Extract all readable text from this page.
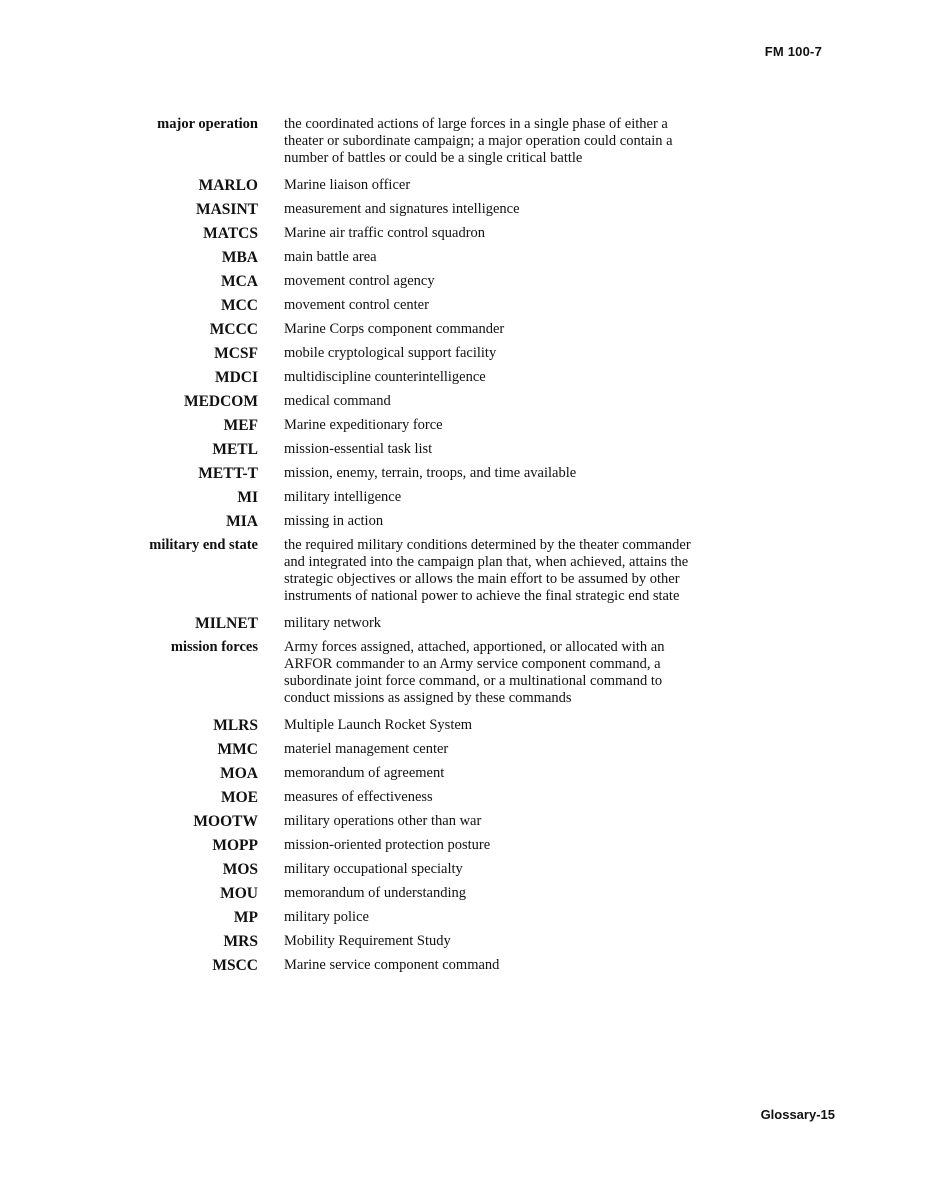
FM 100-7
major operation	the coordinated actions of large forces in a single phase of either a theater or subordinate campaign; a major operation could contain a number of battles or could be a single critical battle
MARLO	Marine liaison officer
MASINT	measurement and signatures intelligence
MATCS	Marine air traffic control squadron
MBA	main battle area
MCA	movement control agency
MCC	movement control center
MCCC	Marine Corps component commander
MCSF	mobile cryptological support facility
MDCI	multidiscipline counterintelligence
MEDCOM	medical command
MEF	Marine expeditionary force
METL	mission-essential task list
METT-T	mission, enemy, terrain, troops, and time available
MI	military intelligence
MIA	missing in action
military end state	the required military conditions determined by the theater commander and integrated into the campaign plan that, when achieved, attains the strategic objectives or allows the main effort to be assumed by other instruments of national power to achieve the final strategic end state
MILNET	military network
mission forces	Army forces assigned, attached, apportioned, or allocated with an ARFOR commander to an Army service component command, a subordinate joint force command, or a multinational command to conduct missions as assigned by these commands
MLRS	Multiple Launch Rocket System
MMC	materiel management center
MOA	memorandum of agreement
MOE	measures of effectiveness
MOOTW	military operations other than war
MOPP	mission-oriented protection posture
MOS	military occupational specialty
MOU	memorandum of understanding
MP	military police
MRS	Mobility Requirement Study
MSCC	Marine service component command
Glossary-15
